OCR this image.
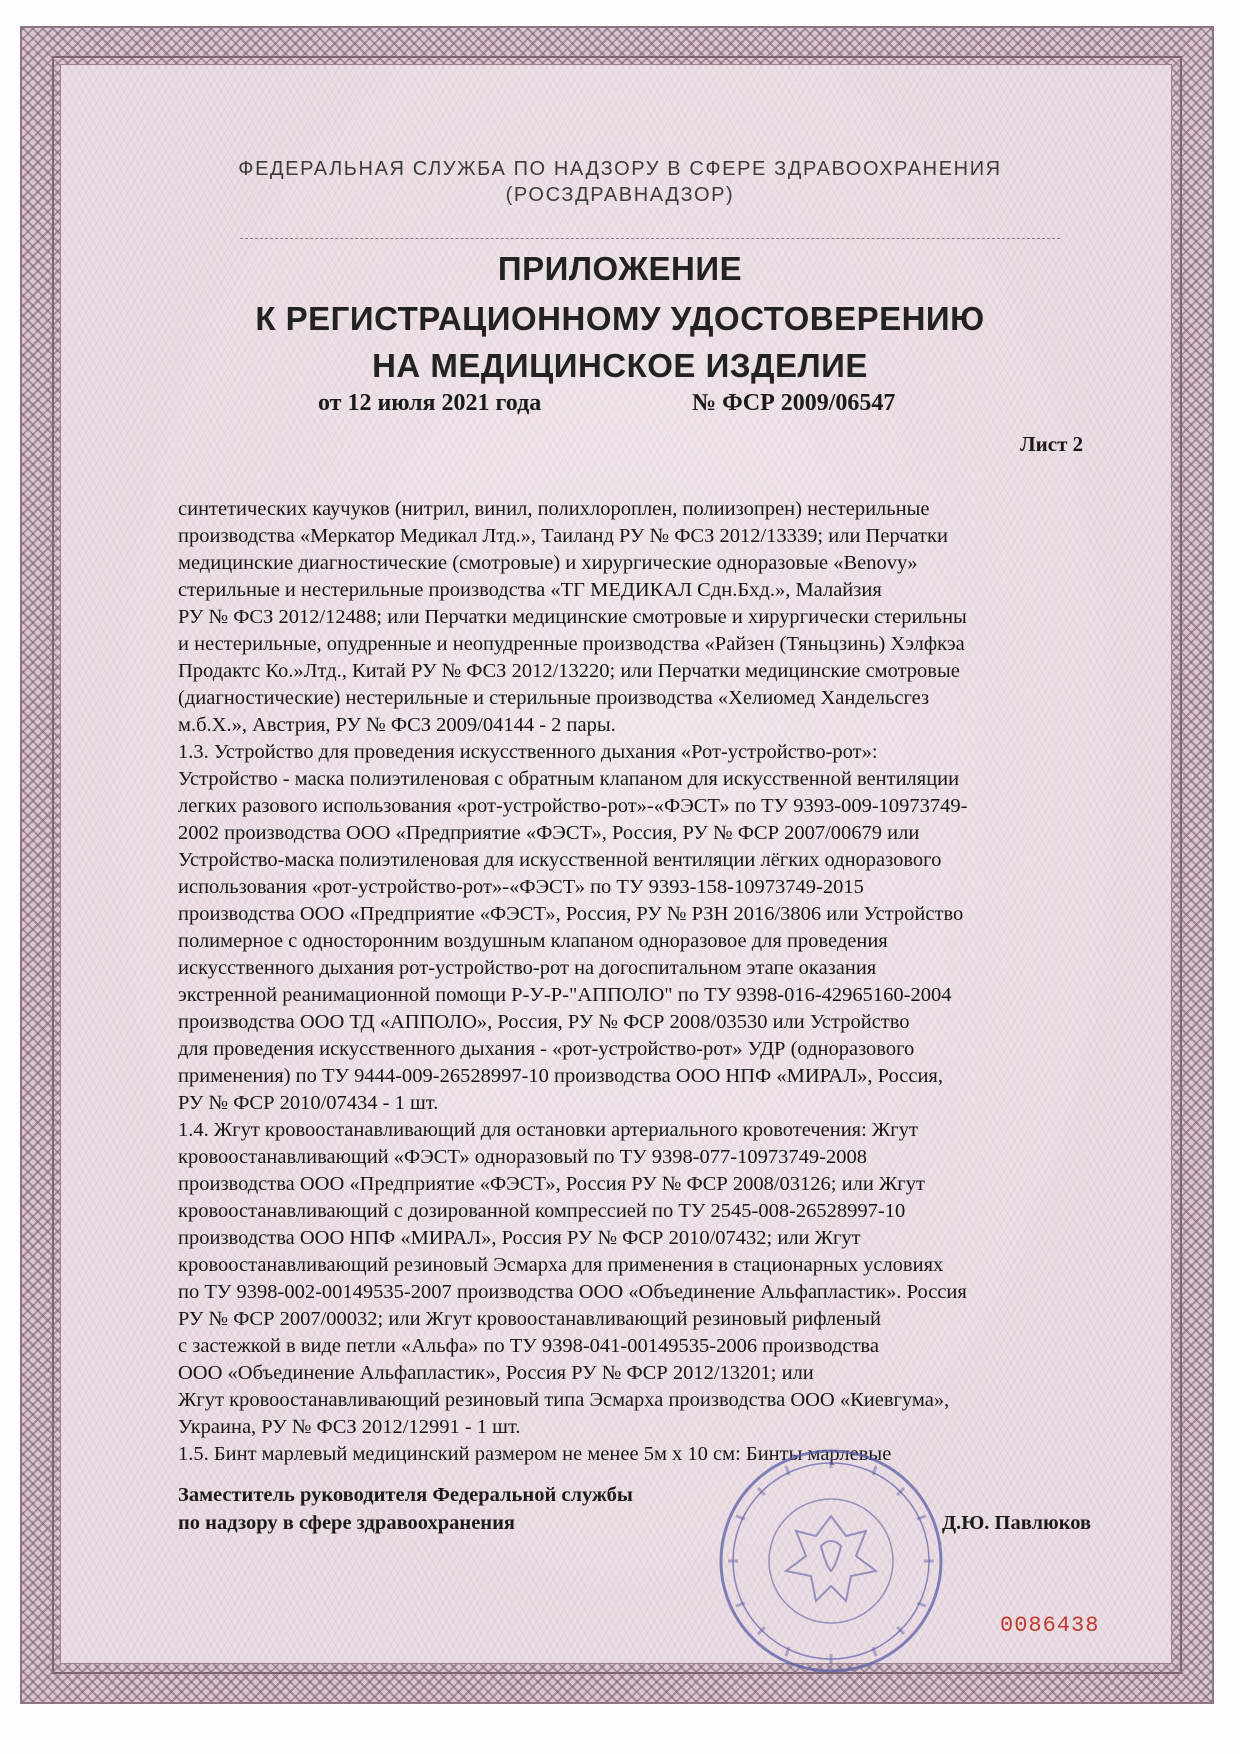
ФЕДЕРАЛЬНАЯ СЛУЖБА ПО НАДЗОРУ В СФЕРЕ ЗДРАВООХРАНЕНИЯ
(РОСЗДРАВНАДЗОР)
ПРИЛОЖЕНИЕ
К РЕГИСТРАЦИОННОМУ УДОСТОВЕРЕНИЮ
НА МЕДИЦИНСКОЕ ИЗДЕЛИЕ
от 12 июля 2021 года	№ ФСР 2009/06547
Лист 2
синтетических каучуков (нитрил, винил, полихлороплен, полиизопрен) нестерильные
производства «Меркатор Медикал Лтд.», Таиланд РУ № ФСЗ 2012/13339; или Перчатки
медицинские диагностические (смотровые) и хирургические одноразовые «Benovy»
стерильные и нестерильные производства «ТГ МЕДИКАЛ Сдн.Бхд.», Малайзия
РУ № ФСЗ 2012/12488; или Перчатки медицинские смотровые и хирургически стерильны
и нестерильные, опудренные и неопудренные производства «Райзен (Тяньцзинь) Хэлфкэа
Продактс Ко.»Лтд., Китай РУ № ФСЗ 2012/13220; или Перчатки медицинские смотровые
(диагностические) нестерильные и стерильные производства «Хелиомед Хандельсгез
м.б.Х.», Австрия, РУ № ФСЗ 2009/04144 - 2 пары.
1.3. Устройство для проведения искусственного дыхания «Рот-устройство-рот»:
Устройство - маска полиэтиленовая с обратным клапаном для искусственной вентиляции
легких разового использования «рот-устройство-рот»-«ФЭСТ» по ТУ 9393-009-10973749-
2002 производства ООО «Предприятие «ФЭСТ», Россия, РУ № ФСР 2007/00679 или
Устройство-маска полиэтиленовая для искусственной вентиляции лёгких одноразового
использования «рот-устройство-рот»-«ФЭСТ» по ТУ 9393-158-10973749-2015
производства ООО «Предприятие «ФЭСТ», Россия, РУ № РЗН 2016/3806 или Устройство
полимерное с односторонним воздушным клапаном одноразовое для проведения
искусственного дыхания рот-устройство-рот на догоспитальном этапе оказания
экстренной реанимационной помощи Р-У-Р-"АППОЛО" по ТУ 9398-016-42965160-2004
производства ООО ТД «АППОЛО», Россия, РУ № ФСР 2008/03530 или Устройство
для проведения искусственного дыхания - «рот-устройство-рот» УДР (одноразового
применения) по ТУ 9444-009-26528997-10 производства ООО НПФ «МИРАЛ», Россия,
РУ № ФСР 2010/07434 - 1 шт.
1.4. Жгут кровоостанавливающий для остановки артериального кровотечения: Жгут
кровоостанавливающий «ФЭСТ» одноразовый по ТУ 9398-077-10973749-2008
производства ООО «Предприятие «ФЭСТ», Россия РУ № ФСР 2008/03126; или Жгут
кровоостанавливающий с дозированной компрессией по ТУ 2545-008-26528997-10
производства ООО НПФ «МИРАЛ», Россия РУ № ФСР 2010/07432; или Жгут
кровоостанавливающий резиновый Эсмарха для применения в стационарных условиях
по ТУ 9398-002-00149535-2007 производства ООО «Объединение Альфапластик». Россия
РУ № ФСР 2007/00032; или Жгут кровоостанавливающий резиновый рифленый
с застежкой в виде петли «Альфа» по ТУ 9398-041-00149535-2006 производства
ООО «Объединение Альфапластик», Россия РУ № ФСР 2012/13201; или
Жгут кровоостанавливающий резиновый типа Эсмарха производства ООО «Киевгума»,
Украина, РУ № ФСЗ 2012/12991 - 1 шт.
1.5. Бинт марлевый медицинский размером не менее 5м х 10 см: Бинты марлевые
Заместитель руководителя Федеральной службы
по надзору в сфере здравоохранения	Д.Ю. Павлюков
0086438
